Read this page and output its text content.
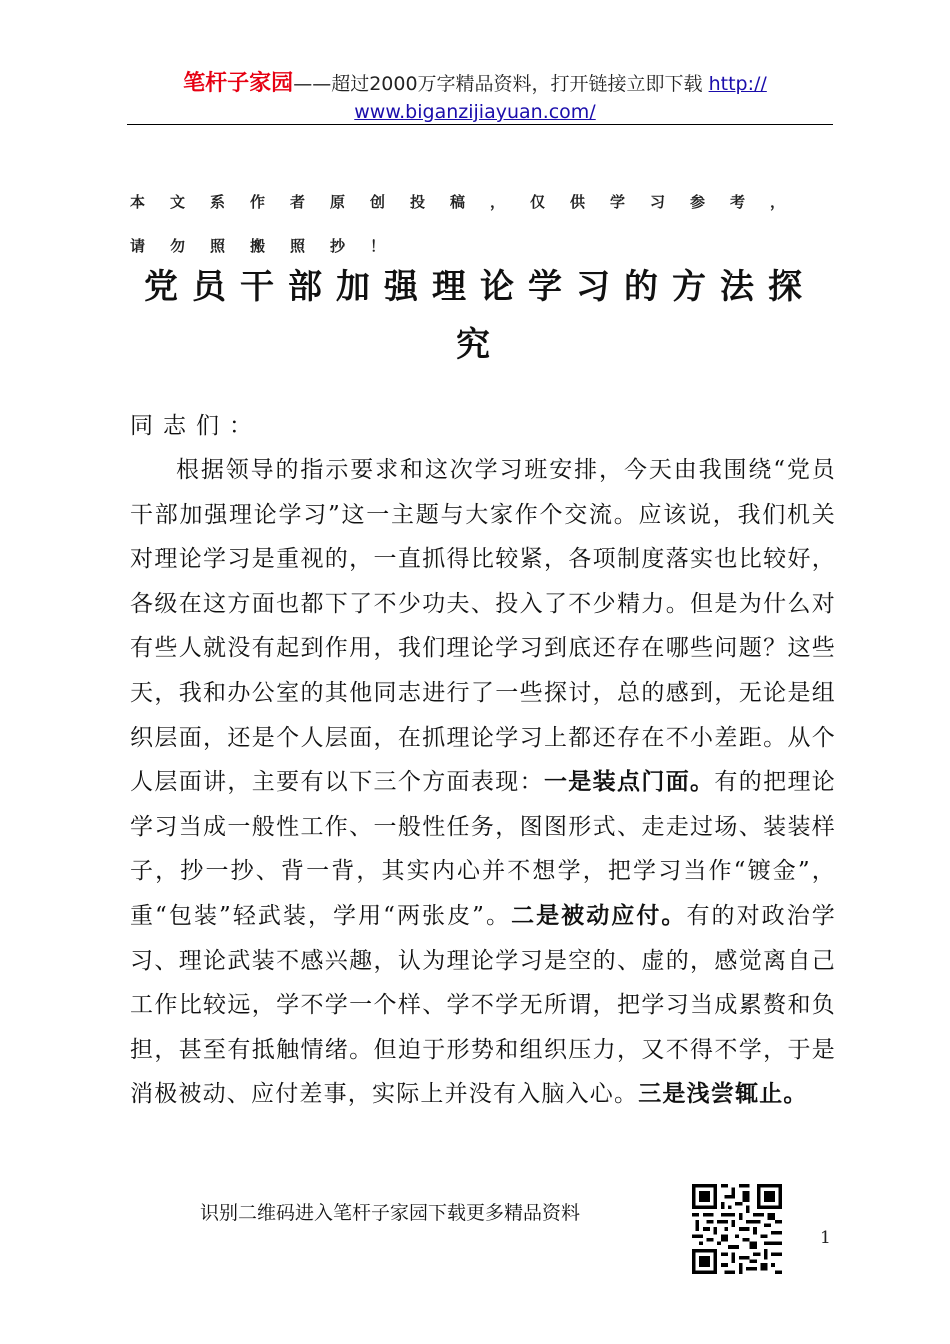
笔杆子家园——超过2000万字精品资料，打开链接立即下载 http://
www.biganzijiayuan.com/
本文系作者原创投稿，仅供学习参考，请勿照搬照抄！
党员干部加强理论学习的方法探究
同志们：
根据领导的指示要求和这次学习班安排，今天由我围绕“党员干部加强理论学习”这一主题与大家作个交流。应该说，我们机关对理论学习是重视的，一直抓得比较紧，各项制度落实也比较好，各级在这方面也都下了不少功夫、投入了不少精力。但是为什么对有些人就没有起到作用，我们理论学习到底还存在哪些问题？这些天，我和办公室的其他同志进行了一些探讨，总的感到，无论是组织层面，还是个人层面，在抓理论学习上都还存在不小差距。从个人层面讲，主要有以下三个方面表现：一是装点门面。有的把理论学习当成一般性工作、一般性任务，图图形式、走走过场、装装样子，抄一抄、背一背，其实内心并不想学，把学习当作“镀金”，重“包装”轻武装，学用“两张皮”。二是被动应付。有的对政治学习、理论武装不感兴趣，认为理论学习是空的、虚的，感觉离自己工作比较远，学不学一个样、学不学无所谓，把学习当成累赘和负担，甚至有抵触情绪。但迫于形势和组织压力，又不得不学，于是消极被动、应付差事，实际上并没有入脑入心。三是浅尝辄止。
识别二维码进入笔杆子家园下载更多精品资料
1
